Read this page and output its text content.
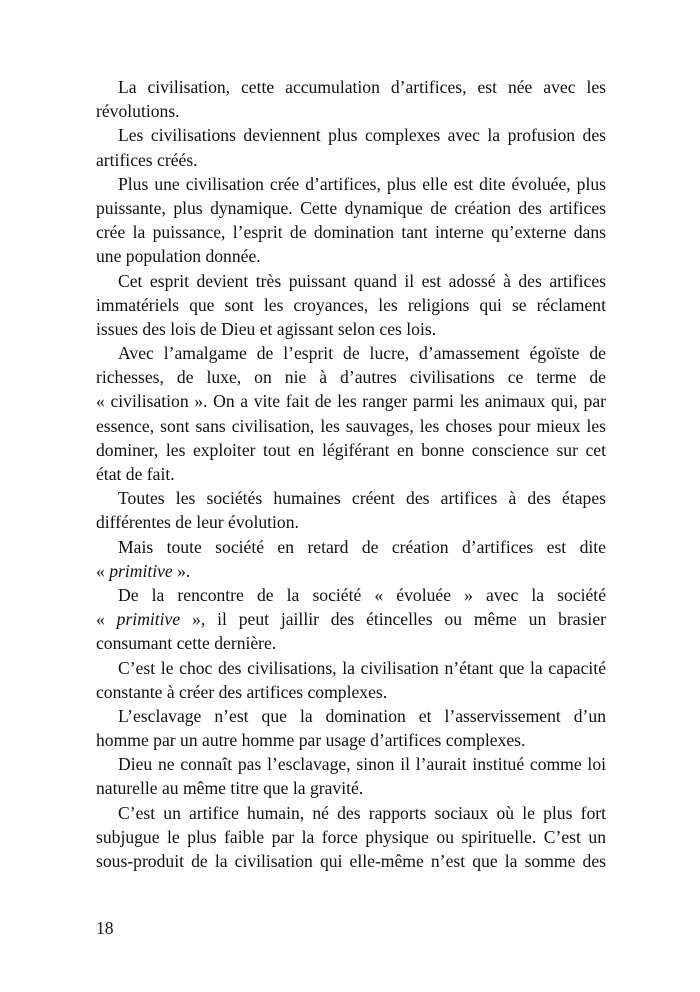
La civilisation, cette accumulation d’artifices, est née avec les
révolutions.
Les civilisations deviennent plus complexes avec la profusion des
artifices créés.
Plus une civilisation crée d’artifices, plus elle est dite évoluée, plus
puissante, plus dynamique. Cette dynamique de création des artifices
crée la puissance, l’esprit de domination tant interne qu’externe dans
une population donnée.
Cet esprit devient très puissant quand il est adossé à des artifices
immatériels que sont les croyances, les religions qui se réclament
issues des lois de Dieu et agissant selon ces lois.
Avec l’amalgame de l’esprit de lucre, d’amassement égoïste de
richesses, de luxe, on nie à d’autres civilisations ce terme de
« civilisation ». On a vite fait de les ranger parmi les animaux qui, par
essence, sont sans civilisation, les sauvages, les choses pour mieux les
dominer, les exploiter tout en légiférant en bonne conscience sur cet
état de fait.
Toutes les sociétés humaines créent des artifices à des étapes
différentes de leur évolution.
Mais toute société en retard de création d’artifices est dite
« primitive ».
De la rencontre de la société « évoluée » avec la société
« primitive », il peut jaillir des étincelles ou même un brasier
consumant cette dernière.
C’est le choc des civilisations, la civilisation n’étant que la capacité
constante à créer des artifices complexes.
L’esclavage n’est que la domination et l’asservissement d’un
homme par un autre homme par usage d’artifices complexes.
Dieu ne connaît pas l’esclavage, sinon il l’aurait institué comme loi
naturelle au même titre que la gravité.
C’est un artifice humain, né des rapports sociaux où le plus fort
subjugue le plus faible par la force physique ou spirituelle. C’est un
sous-produit de la civilisation qui elle-même n’est que la somme des
18
